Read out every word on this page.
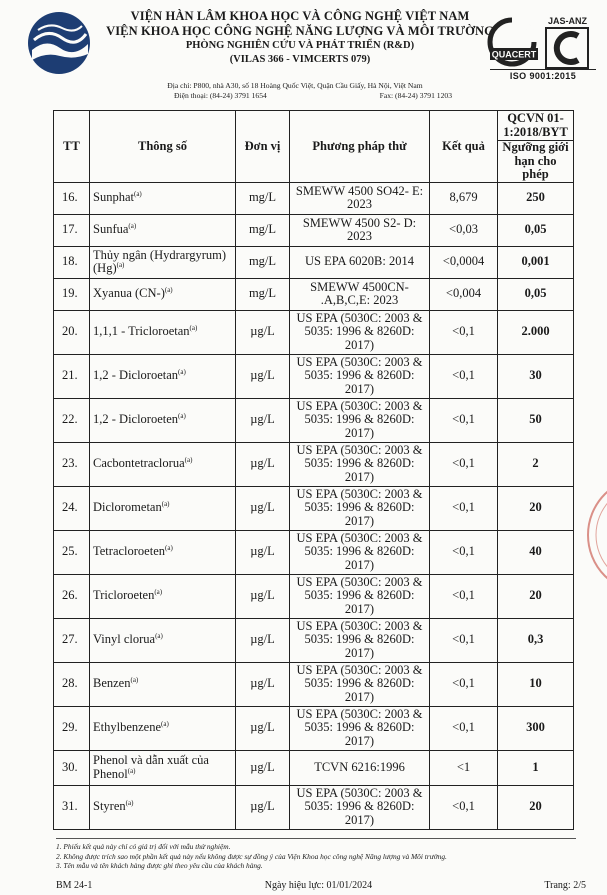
VIỆN HÀN LÂM KHOA HỌC VÀ CÔNG NGHỆ VIỆT NAM
VIỆN KHOA HỌC CÔNG NGHỆ NĂNG LƯỢNG VÀ MÔI TRƯỜNG
PHÒNG NGHIÊN CỨU VÀ PHÁT TRIỂN (R&D)
(VILAS 366 - VIMCERTS 079)
Địa chỉ: P800, nhà A30, số 18 Hoàng Quốc Việt, Quận Cầu Giấy, Hà Nội, Việt Nam
Điện thoại: (84-24) 3791 1654	Fax: (84-24) 3791 1203
JAS-ANZ
QUACERT
ISO 9001:2015
TT	Thông số	Đơn vị	Phương pháp thử	Kết quả	QCVN 01-1:2018/BYT
					Ngưỡng giới hạn cho phép
16.	Sunphat$^{(a)}$	mg/L	SMEWW 4500 SO42- E: 2023	8,679	250
17.	Sunfua$^{(a)}$	mg/L	SMEWW 4500 S2- D: 2023	<0,03	0,05
18.	Thủy ngân (Hydrargyrum) $(Hg)^{(a)}$	mg/L	US EPA 6020B: 2014	<0,0004	0,001
19.	Xyanua $(CN-)^{(a)}$	mg/L	SMEWW 4500CN- .A,B,C,E: 2023	<0,004	0,05
20.	1,1,1 - Tricloroetan$^{(a)}$	µg/L	US EPA (5030C: 2003 & 5035: 1996 & 8260D: 2017)	<0,1	2.000
21.	1,2 - Dicloroetan$^{(a)}$	µg/L	US EPA (5030C: 2003 & 5035: 1996 & 8260D: 2017)	<0,1	30
22.	1,2 - Dicloroeten$^{(a)}$	µg/L	US EPA (5030C: 2003 & 5035: 1996 & 8260D: 2017)	<0,1	50
23.	Cacbontetraclorua$^{(a)}$	µg/L	US EPA (5030C: 2003 & 5035: 1996 & 8260D: 2017)	<0,1	2
24.	Diclorometan$^{(a)}$	µg/L	US EPA (5030C: 2003 & 5035: 1996 & 8260D: 2017)	<0,1	20
25.	Tetracloroeten$^{(a)}$	µg/L	US EPA (5030C: 2003 & 5035: 1996 & 8260D: 2017)	<0,1	40
26.	Tricloroeten$^{(a)}$	µg/L	US EPA (5030C: 2003 & 5035: 1996 & 8260D: 2017)	<0,1	20
27.	Vinyl clorua$^{(a)}$	µg/L	US EPA (5030C: 2003 & 5035: 1996 & 8260D: 2017)	<0,1	0,3
28.	Benzen$^{(a)}$	µg/L	US EPA (5030C: 2003 & 5035: 1996 & 8260D: 2017)	<0,1	10
29.	Ethylbenzene$^{(a)}$	µg/L	US EPA (5030C: 2003 & 5035: 1996 & 8260D: 2017)	<0,1	300
30.	Phenol và dẫn xuất của Phenol$^{(a)}$	µg/L	TCVN 6216:1996	<1	1
31.	Styren$^{(a)}$	µg/L	US EPA (5030C: 2003 & 5035: 1996 & 8260D: 2017)	<0,1	20
1. Phiếu kết quả này chỉ có giá trị đối với mẫu thử nghiệm.
2. Không được trích sao một phần kết quả này nếu không được sự đồng ý của Viện Khoa học công nghệ Năng lượng và Môi trường.
3. Tên mẫu và tên khách hàng được ghi theo yêu cầu của khách hàng.
BM 24-1	Ngày hiệu lực: 01/01/2024	Trang: 2/5
